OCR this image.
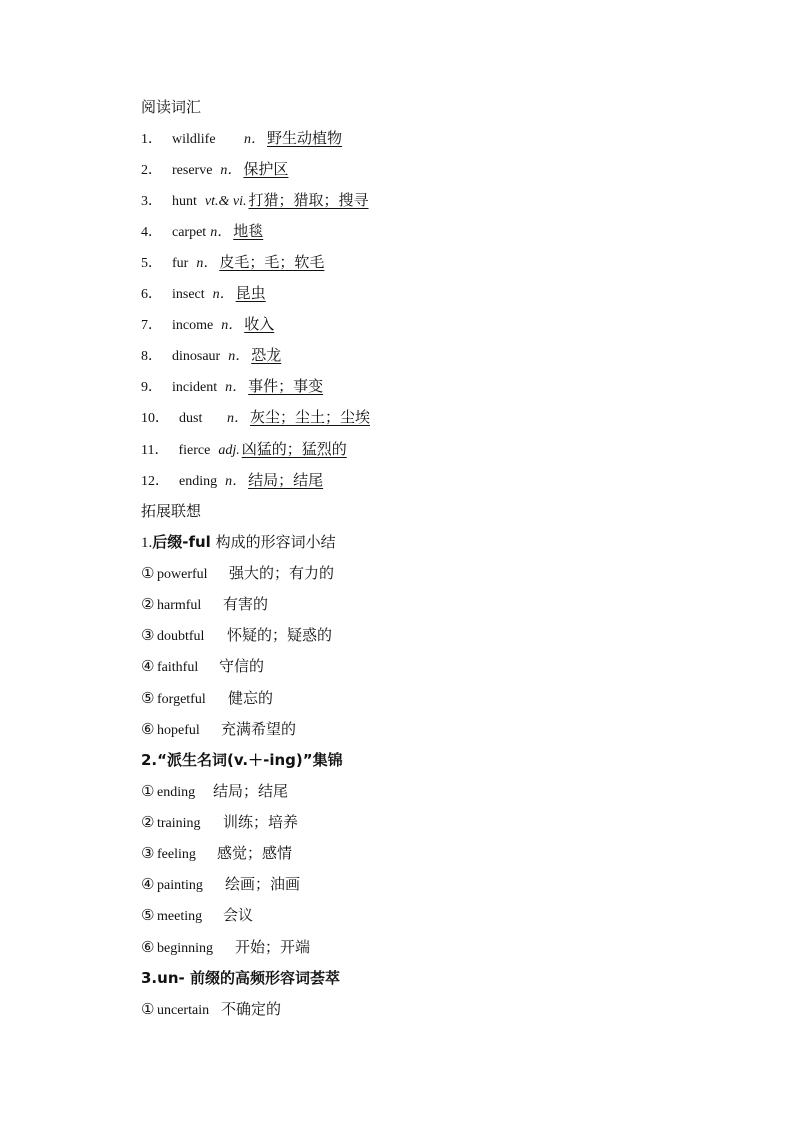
阅读词汇
1． wildlife n． 野生动植物
2． reserve n． 保护区
3． hunt vt.& vi. 打猎；猎取；搜寻
4． carpet n． 地毯
5． fur n． 皮毛；毛；软毛
6． insect n． 昆虫
7． income n． 收入
8． dinosaur n． 恐龙
9． incident n． 事件；事变
10． dust n． 灰尘；尘土；尘埃
11． fierce adj. 凶猛的；猛烈的
12． ending n． 结局；结尾
拓展联想
1.后缀-ful 构成的形容词小结
① powerful 强大的；有力的
② harmful 有害的
③ doubtful 怀疑的；疑惑的
④ faithful 守信的
⑤ forgetful 健忘的
⑥ hopeful 充满希望的
2.“派生名词(v.＋-ing)”集锦
① ending 结局；结尾
② training 训练；培养
③ feeling 感觉；感情
④ painting 绘画；油画
⑤ meeting 会议
⑥ beginning 开始；开端
3.un- 前缀的高频形容词荟萃
① uncertain 不确定的
